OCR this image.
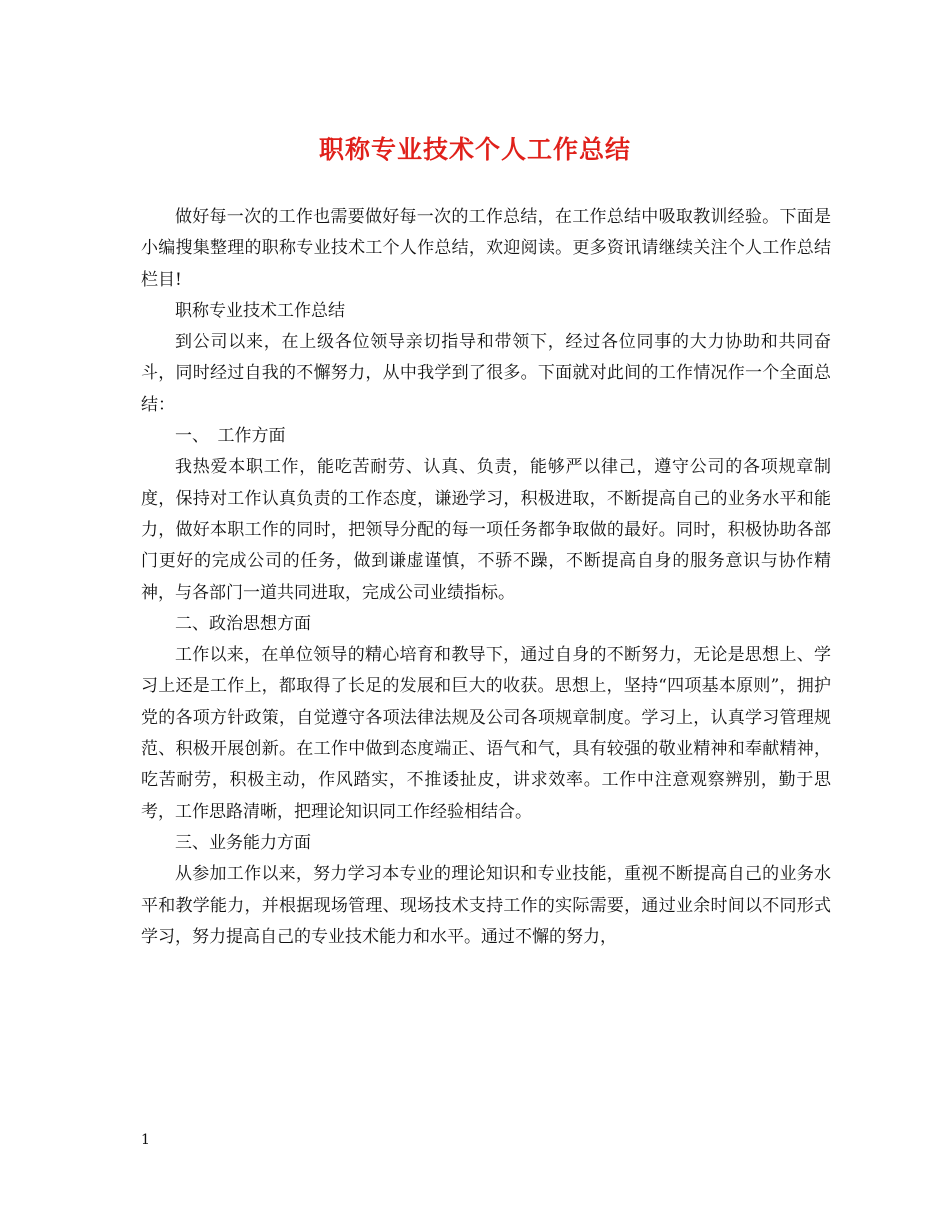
职称专业技术个人工作总结

做好每一次的工作也需要做好每一次的工作总结，在工作总结中吸取教训经验。下面是小编搜集整理的职称专业技术工个人作总结，欢迎阅读。更多资讯请继续关注个人工作总结栏目!

职称专业技术工作总结

到公司以来，在上级各位领导亲切指导和带领下，经过各位同事的大力协助和共同奋斗，同时经过自我的不懈努力，从中我学到了很多。下面就对此间的工作情况作一个全面总结：

一、　工作方面

我热爱本职工作，能吃苦耐劳、认真、负责，能够严以律己，遵守公司的各项规章制度，保持对工作认真负责的工作态度，谦逊学习，积极进取，不断提高自己的业务水平和能力，做好本职工作的同时，把领导分配的每一项任务都争取做的最好。同时，积极协助各部门更好的完成公司的任务，做到谦虚谨慎，不骄不躁，不断提高自身的服务意识与协作精神，与各部门一道共同进取，完成公司业绩指标。

二、政治思想方面

工作以来，在单位领导的精心培育和教导下，通过自身的不断努力，无论是思想上、学习上还是工作上，都取得了长足的发展和巨大的收获。思想上，坚持“四项基本原则”，拥护党的各项方针政策，自觉遵守各项法律法规及公司各项规章制度。学习上，认真学习管理规范、积极开展创新。在工作中做到态度端正、语气和气，具有较强的敬业精神和奉献精神，吃苦耐劳，积极主动，作风踏实，不推诿扯皮，讲求效率。工作中注意观察辨别，勤于思考，工作思路清晰，把理论知识同工作经验相结合。

三、业务能力方面

从参加工作以来，努力学习本专业的理论知识和专业技能，重视不断提高自己的业务水平和教学能力，并根据现场管理、现场技术支持工作的实际需要，通过业余时间以不同形式学习，努力提高自己的专业技术能力和水平。通过不懈的努力，

1
